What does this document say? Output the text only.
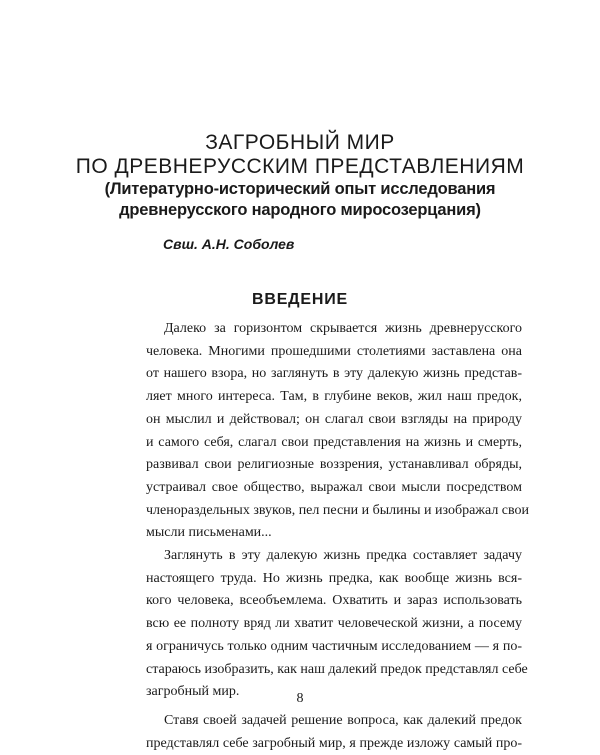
ЗАГРОБНЫЙ МИР
ПО ДРЕВНЕРУССКИМ ПРЕДСТАВЛЕНИЯМ
(Литературно-исторический опыт исследования
древнерусского народного миросозерцания)
Свш. А.Н. Соболев
ВВЕДЕНИЕ

Далеко за горизонтом скрывается жизнь древнерусского
человека. Многими прошедшими столетиями заставлена она
от нашего взора, но заглянуть в эту далекую жизнь представ-
ляет много интереса. Там, в глубине веков, жил наш предок,
он мыслил и действовал; он слагал свои взгляды на природу
и самого себя, слагал свои представления на жизнь и смерть,
развивал свои религиозные воззрения, устанавливал обряды,
устраивал свое общество, выражал свои мысли посредством
членораздельных звуков, пел песни и былины и изображал свои
мысли письменами...

Заглянуть в эту далекую жизнь предка составляет задачу
настоящего труда. Но жизнь предка, как вообще жизнь вся-
кого человека, всеобъемлема. Охватить и зараз использовать
всю ее полноту вряд ли хватит человеческой жизни, а посему
я ограничусь только одним частичным исследованием — я по-
стараюсь изобразить, как наш далекий предок представлял себе
загробный мир.

Ставя своей задачей решение вопроса, как далекий предок
представлял себе загробный мир, я прежде изложу самый про-

8
